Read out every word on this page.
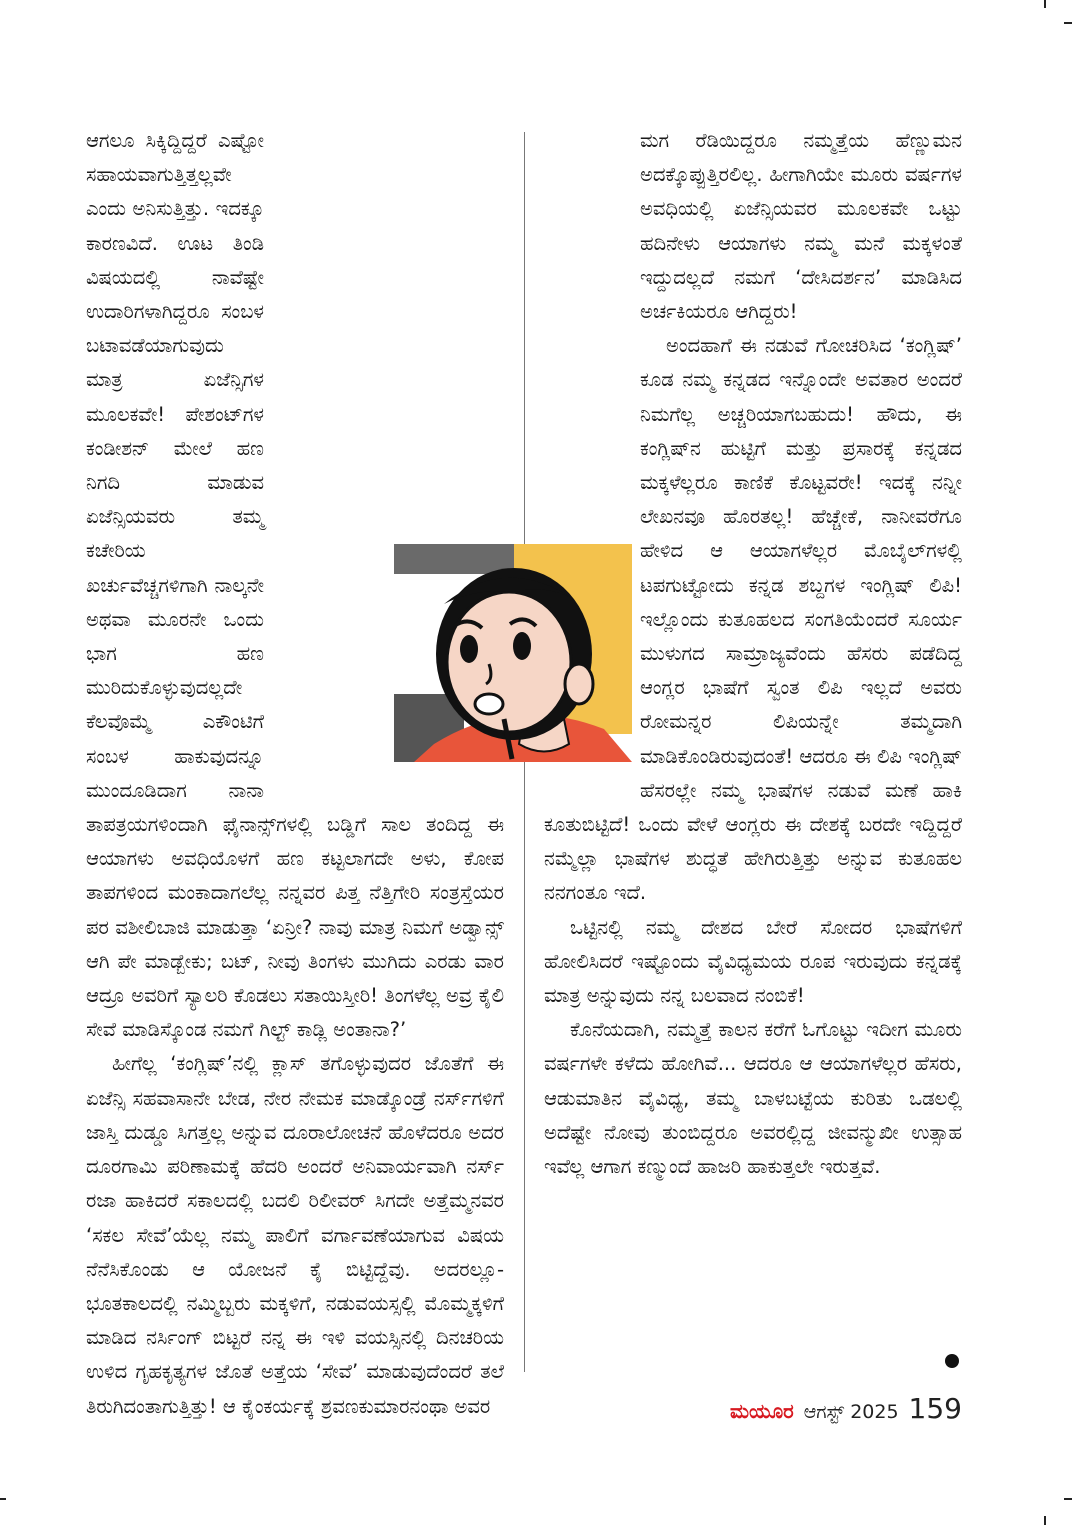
ಆಗಲೂ ಸಿಕ್ಕಿದ್ದಿದ್ದರೆ ಎಷ್ಟೋ ಸಹಾಯವಾಗುತ್ತಿತ್ತಲ್ಲವೇ ಎಂದು ಅನಿಸುತ್ತಿತ್ತು. ಇದಕ್ಕೂ ಕಾರಣವಿದೆ. ಊಟ ತಿಂಡಿ ವಿಷಯದಲ್ಲಿ ನಾವೆಷ್ಟೇ ಉದಾರಿಗಳಾಗಿದ್ದರೂ ಸಂಬಳ ಬಟಾವಡೆಯಾಗುವುದು ಮಾತ್ರ ಏಜೆನ್ಸಿಗಳ ಮೂಲಕವೇ! ಪೇಶಂಟ್‌ಗಳ ಕಂಡೀಶನ್ ಮೇಲೆ ಹಣ ನಿಗದಿ ಮಾಡುವ ಏಜೆನ್ಸಿಯವರು ತಮ್ಮ ಕಚೇರಿಯ ಖರ್ಚುವೆಚ್ಚಗಳಿಗಾಗಿ ನಾಲ್ಕನೇ ಅಥವಾ ಮೂರನೇ ಒಂದು ಭಾಗ ಹಣ ಮುರಿದುಕೊಳ್ಳುವುದಲ್ಲದೇ ಕೆಲವೊಮ್ಮೆ ಎಕೌಂಟಿಗೆ ಸಂಬಳ ಹಾಕುವುದನ್ನೂ ಮುಂದೂಡಿದಾಗ ನಾನಾ ತಾಪತ್ರಯಗಳಿಂದಾಗಿ ಫೈನಾನ್ಸ್‌ಗಳಲ್ಲಿ ಬಡ್ಡಿಗೆ ಸಾಲ ತಂದಿದ್ದ ಈ ಆಯಾಗಳು ಅವಧಿಯೊಳಗೆ ಹಣ ಕಟ್ಟಲಾಗದೇ ಅಳು, ಕೋಪ ತಾಪಗಳಿಂದ ಮಂಕಾದಾಗಲೆಲ್ಲ ನನ್ನವರ ಪಿತ್ತ ನೆತ್ತಿಗೇರಿ ಸಂತ್ರಸ್ತೆಯರ ಪರ ವಶೀಲಿಬಾಜಿ ಮಾಡುತ್ತಾ ‘ಏನ್ರೀ? ನಾವು ಮಾತ್ರ ನಿಮಗೆ ಅಡ್ವಾನ್ಸ್ ಆಗಿ ಪೇ ಮಾಡ್ಬೇಕು; ಬಟ್, ನೀವು ತಿಂಗಳು ಮುಗಿದು ಎರಡು ವಾರ ಆದ್ರೂ ಅವರಿಗೆ ಸ್ಯಾಲರಿ ಕೊಡಲು ಸತಾಯಿಸ್ತೀರಿ! ತಿಂಗಳೆಲ್ಲ ಅವ್ರ ಕೈಲಿ ಸೇವೆ ಮಾಡಿಸ್ಕೊಂಡ ನಮಗೆ ಗಿಲ್ಟ್ ಕಾಡ್ಲಿ ಅಂತಾನಾ?’

ಹೀಗೆಲ್ಲ ‘ಕಂಗ್ಲಿಷ್’ನಲ್ಲಿ ಕ್ಲಾಸ್ ತಗೊಳ್ಳುವುದರ ಜೊತೆಗೆ ಈ ಏಜೆನ್ಸಿ ಸಹವಾಸಾನೇ ಬೇಡ, ನೇರ ನೇಮಕ ಮಾಡ್ಕೊಂಡ್ರೆ ನರ್ಸ್‌ಗಳಿಗೆ ಜಾಸ್ತಿ ದುಡ್ಡೂ ಸಿಗತ್ತಲ್ಲ ಅನ್ನುವ ದೂರಾಲೋಚನೆ ಹೊಳೆದರೂ ಅದರ ದೂರಗಾಮಿ ಪರಿಣಾಮಕ್ಕೆ ಹೆದರಿ ಅಂದರೆ ಅನಿವಾರ್ಯವಾಗಿ ನರ್ಸ್ ರಜಾ ಹಾಕಿದರೆ ಸಕಾಲದಲ್ಲಿ ಬದಲಿ ರಿಲೀವರ್ ಸಿಗದೇ ಅತ್ತೆಮ್ಮನವರ ‘ಸಕಲ ಸೇವೆ’ಯೆಲ್ಲ ನಮ್ಮ ಪಾಲಿಗೆ ವರ್ಗಾವಣೆಯಾಗುವ ವಿಷಯ ನೆನೆಸಿಕೊಂಡು ಆ ಯೋಜನೆ ಕೈ ಬಿಟ್ಟಿದ್ದೆವು. ಅದರಲ್ಲೂ- ಭೂತಕಾಲದಲ್ಲಿ ನಮ್ಮಿಬ್ಬರು ಮಕ್ಕಳಿಗೆ, ನಡುವಯಸ್ಸಲ್ಲಿ ಮೊಮ್ಮಕ್ಕಳಿಗೆ ಮಾಡಿದ ನರ್ಸಿಂಗ್ ಬಿಟ್ಟರೆ ನನ್ನ ಈ ಇಳಿ ವಯಸ್ಸಿನಲ್ಲಿ ದಿನಚರಿಯ ಉಳಿದ ಗೃಹಕೃತ್ಯಗಳ ಜೊತೆ ಅತ್ತೆಯ ‘ಸೇವೆ’ ಮಾಡುವುದೆಂದರೆ ತಲೆ ತಿರುಗಿದಂತಾಗುತ್ತಿತ್ತು! ಆ ಕೈಂಕರ್ಯಕ್ಕೆ ಶ್ರವಣಕುಮಾರನಂಥಾ ಅವರ

ಮಗ ರೆಡಿಯಿದ್ದರೂ ನಮ್ಮತ್ತೆಯ ಹೆಣ್ಣುಮನ ಅದಕ್ಕೊಪ್ಪುತ್ತಿರಲಿಲ್ಲ. ಹೀಗಾಗಿಯೇ ಮೂರು ವರ್ಷಗಳ ಅವಧಿಯಲ್ಲಿ ಏಜೆನ್ಸಿಯವರ ಮೂಲಕವೇ ಒಟ್ಟು ಹದಿನೇಳು ಆಯಾಗಳು ನಮ್ಮ ಮನೆ ಮಕ್ಕಳಂತೆ ಇದ್ದುದಲ್ಲದೆ ನಮಗೆ ‘ದೇಸಿದರ್ಶನ’ ಮಾಡಿಸಿದ ಅರ್ಚಕಿಯರೂ ಆಗಿದ್ದರು!

ಅಂದಹಾಗೆ ಈ ನಡುವೆ ಗೋಚರಿಸಿದ ‘ಕಂಗ್ಲಿಷ್’ ಕೂಡ ನಮ್ಮ ಕನ್ನಡದ ಇನ್ನೊಂದೇ ಅವತಾರ ಅಂದರೆ ನಿಮಗೆಲ್ಲ ಅಚ್ಚರಿಯಾಗಬಹುದು! ಹೌದು, ಈ ಕಂಗ್ಲಿಷ್‌ನ ಹುಟ್ಟಿಗೆ ಮತ್ತು ಪ್ರಸಾರಕ್ಕೆ ಕನ್ನಡದ ಮಕ್ಕಳೆಲ್ಲರೂ ಕಾಣಿಕೆ ಕೊಟ್ಟವರೇ! ಇದಕ್ಕೆ ನನ್ನೀ ಲೇಖನವೂ ಹೊರತಲ್ಲ! ಹೆಚ್ಚೇಕೆ, ನಾನೀವರೆಗೂ ಹೇಳಿದ ಆ ಆಯಾಗಳೆಲ್ಲರ ಮೊಬೈಲ್‌ಗಳಲ್ಲಿ ಟಪಗುಟ್ಟೋದು ಕನ್ನಡ ಶಬ್ದಗಳ ಇಂಗ್ಲಿಷ್ ಲಿಪಿ! ಇಲ್ಲೊಂದು ಕುತೂಹಲದ ಸಂಗತಿಯೆಂದರೆ ಸೂರ್ಯ ಮುಳುಗದ ಸಾಮ್ರಾಜ್ಯವೆಂದು ಹೆಸರು ಪಡೆದಿದ್ದ ಆಂಗ್ಲರ ಭಾಷೆಗೆ ಸ್ವಂತ ಲಿಪಿ ಇಲ್ಲದೆ ಅವರು ರೋಮನ್ನರ ಲಿಪಿಯನ್ನೇ ತಮ್ಮದಾಗಿ ಮಾಡಿಕೊಂಡಿರುವುದಂತೆ! ಆದರೂ ಈ ಲಿಪಿ ಇಂಗ್ಲಿಷ್ ಹೆಸರಲ್ಲೇ ನಮ್ಮ ಭಾಷೆಗಳ ನಡುವೆ ಮಣೆ ಹಾಕಿ ಕೂತುಬಿಟ್ಟಿದೆ! ಒಂದು ವೇಳೆ ಆಂಗ್ಲರು ಈ ದೇಶಕ್ಕೆ ಬರದೇ ಇದ್ದಿದ್ದರೆ ನಮ್ಮೆಲ್ಲಾ ಭಾಷೆಗಳ ಶುದ್ಧತೆ ಹೇಗಿರುತ್ತಿತ್ತು ಅನ್ನುವ ಕುತೂಹಲ ನನಗಂತೂ ಇದೆ.

ಒಟ್ಟಿನಲ್ಲಿ ನಮ್ಮ ದೇಶದ ಬೇರೆ ಸೋದರ ಭಾಷೆಗಳಿಗೆ ಹೋಲಿಸಿದರೆ ಇಷ್ಟೊಂದು ವೈವಿಧ್ಯಮಯ ರೂಪ ಇರುವುದು ಕನ್ನಡಕ್ಕೆ ಮಾತ್ರ ಅನ್ನುವುದು ನನ್ನ ಬಲವಾದ ನಂಬಿಕೆ!

ಕೊನೆಯದಾಗಿ, ನಮ್ಮತ್ತೆ ಕಾಲನ ಕರೆಗೆ ಓಗೊಟ್ಟು ಇದೀಗ ಮೂರು ವರ್ಷಗಳೇ ಕಳೆದು ಹೋಗಿವೆ... ಆದರೂ ಆ ಆಯಾಗಳೆಲ್ಲರ ಹೆಸರು, ಆಡುಮಾತಿನ ವೈವಿಧ್ಯ, ತಮ್ಮ ಬಾಳಬಟ್ಟೆಯ ಕುರಿತು ಒಡಲಲ್ಲಿ ಅದೆಷ್ಟೇ ನೋವು ತುಂಬಿದ್ದರೂ ಅವರಲ್ಲಿದ್ದ ಜೀವನ್ಮುಖೀ ಉತ್ಸಾಹ ಇವೆಲ್ಲ ಆಗಾಗ ಕಣ್ಮುಂದೆ ಹಾಜರಿ ಹಾಕುತ್ತಲೇ ಇರುತ್ತವೆ.

ಮಯೂರ ಆಗಸ್ಟ್ 2025 159
